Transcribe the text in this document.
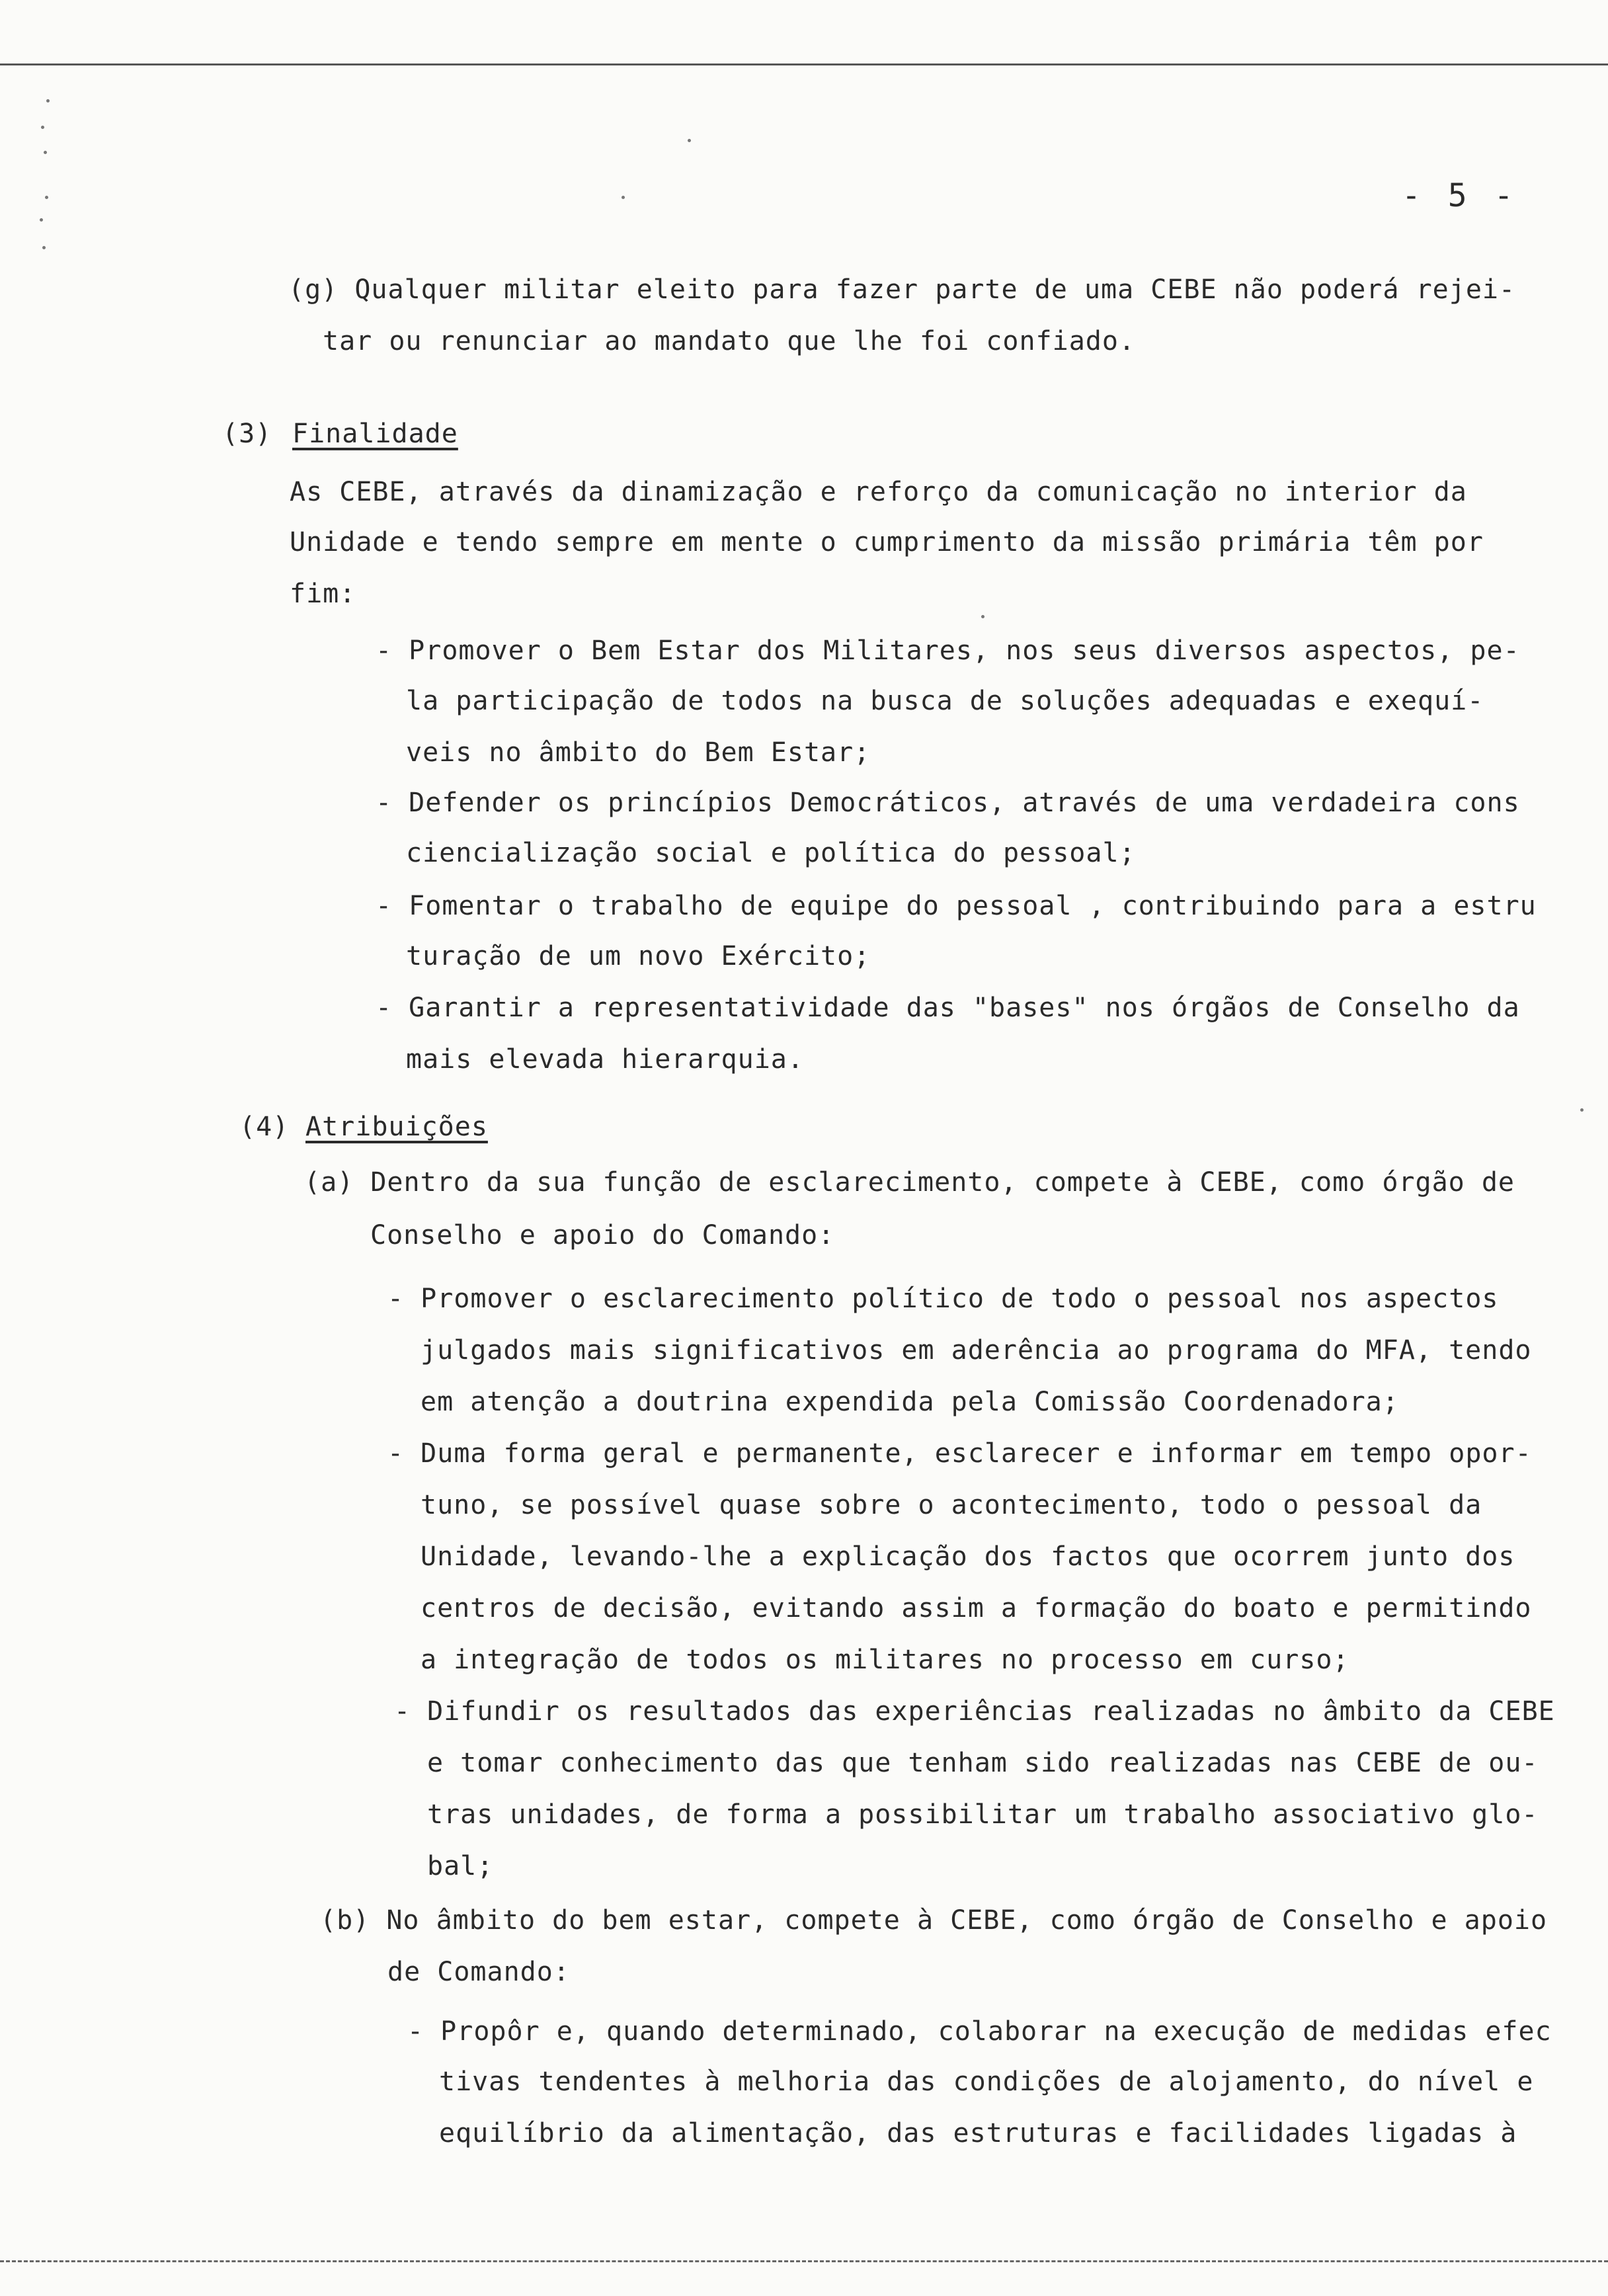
- 5 -
(g) Qualquer militar eleito para fazer parte de uma CEBE não poderá rejei-
tar ou renunciar ao mandato que lhe foi confiado.
(3) Finalidade
As CEBE, através da dinamização e reforço da comunicação no interior da
Unidade e tendo sempre em mente o cumprimento da missão primária têm por
fim:
- Promover o Bem Estar dos Militares, nos seus diversos aspectos, pe-
la participação de todos na busca de soluções adequadas e exequí-
veis no âmbito do Bem Estar;
- Defender os princípios Democráticos, através de uma verdadeira cons
ciencialização social e política do pessoal;
- Fomentar o trabalho de equipe do pessoal , contribuindo para a estru
turação de um novo Exército;
- Garantir a representatividade das "bases" nos órgãos de Conselho da
mais elevada hierarquia.
(4) Atribuições
(a) Dentro da sua função de esclarecimento, compete à CEBE, como órgão de
Conselho e apoio do Comando:
- Promover o esclarecimento político de todo o pessoal nos aspectos
julgados mais significativos em aderência ao programa do MFA, tendo
em atenção a doutrina expendida pela Comissão Coordenadora;
- Duma forma geral e permanente, esclarecer e informar em tempo opor-
tuno, se possível quase sobre o acontecimento, todo o pessoal da
Unidade, levando-lhe a explicação dos factos que ocorrem junto dos
centros de decisão, evitando assim a formação do boato e permitindo
a integração de todos os militares no processo em curso;
- Difundir os resultados das experiências realizadas no âmbito da CEBE
e tomar conhecimento das que tenham sido realizadas nas CEBE de ou-
tras unidades, de forma a possibilitar um trabalho associativo glo-
bal;
(b) No âmbito do bem estar, compete à CEBE, como órgão de Conselho e apoio
de Comando:
- Propôr e, quando determinado, colaborar na execução de medidas efec
tivas tendentes à melhoria das condições de alojamento, do nível e
equilíbrio da alimentação, das estruturas e facilidades ligadas à
